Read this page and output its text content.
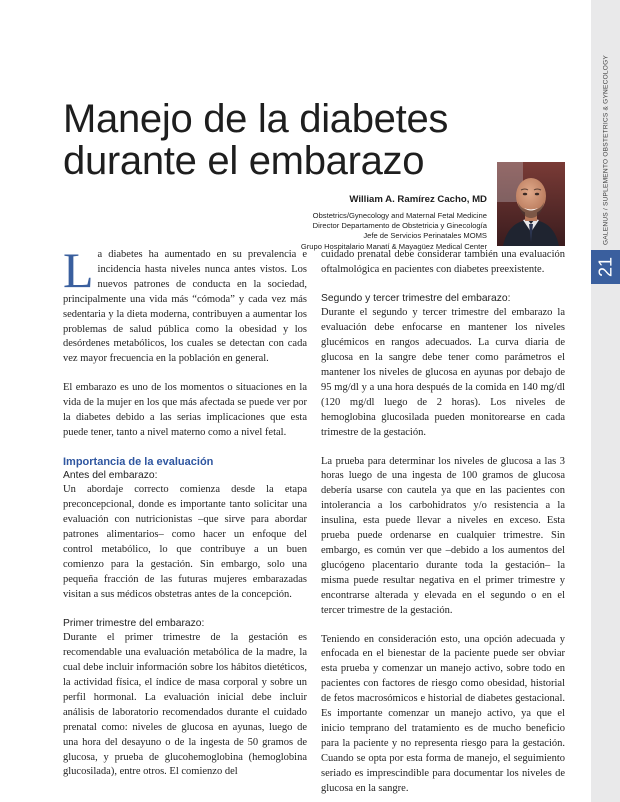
GALENUS / SUPLEMENTO OBSTETRICS & GYNECOLOGY
21
Manejo de la diabetes
durante el embarazo

William A. Ramírez Cacho, MD

Obstetrics/Gynecology and Maternal Fetal Medicine

Director Departamento de Obstetricia y Ginecología

Jefe de Servicios Perinatales MOMS

Grupo Hospitalario Manatí & Mayagüez Medical Center

La diabetes ha aumentado en su prevalencia e incidencia hasta niveles nunca antes vistos. Los nuevos patrones de conducta en la sociedad, principalmente una vida más “cómoda” y cada vez más sedentaria y la dieta moderna, contribuyen a aumentar los problemas de salud pública como la obesidad y los desórdenes metabólicos, los cuales se detectan con cada vez mayor frecuencia en la población en general.

El embarazo es uno de los momentos o situaciones en la vida de la mujer en los que más afectada se puede ver por la diabetes debido a las serias implicaciones que esta puede tener, tanto a nivel materno como a nivel fetal.

Importancia de la evaluación
Antes del embarazo:

Un abordaje correcto comienza desde la etapa preconcepcional, donde es importante tanto solicitar una evaluación con nutricionistas –que sirve para abordar patrones alimentarios– como hacer un enfoque del control metabólico, lo que contribuye a un buen comienzo para la gestación. Sin embargo, solo una pequeña fracción de las futuras mujeres embarazadas visitan a sus médicos obstetras antes de la concepción.

Primer trimestre del embarazo:

Durante el primer trimestre de la gestación es recomendable una evaluación metabólica de la madre, la cual debe incluir información sobre los hábitos dietéticos, la actividad física, el índice de masa corporal y sobre un perfil hormonal. La evaluación inicial debe incluir análisis de laboratorio recomendados durante el cuidado prenatal como: niveles de glucosa en ayunas, luego de una hora del desayuno o de la ingesta de 50 gramos de glucosa, y prueba de glucohemoglobina (hemoglobina glucosilada), entre otros. El comienzo del

cuidado prenatal debe considerar también una evaluación oftalmológica en pacientes con diabetes preexistente.

Segundo y tercer trimestre del embarazo:

Durante el segundo y tercer trimestre del embarazo la evaluación debe enfocarse en mantener los niveles glucémicos en rangos adecuados. La curva diaria de glucosa en la sangre debe tener como parámetros el mantener los niveles de glucosa en ayunas por debajo de 95 mg/dl y a una hora después de la comida en 140 mg/dl (120 mg/dl luego de 2 horas). Los niveles de hemoglobina glucosilada pueden monitorearse en cada trimestre de la gestación.

La prueba para determinar los niveles de glucosa a las 3 horas luego de una ingesta de 100 gramos de glucosa debería usarse con cautela ya que en las pacientes con intolerancia a los carbohidratos y/o resistencia a la insulina, esta puede llevar a niveles en exceso. Esta prueba puede ordenarse en cualquier trimestre. Sin embargo, es común ver que –debido a los aumentos del glucógeno placentario durante toda la gestación– la misma puede resultar negativa en el primer trimestre y encontrarse alterada y elevada en el segundo o en el tercer trimestre de la gestación.

Teniendo en consideración esto, una opción adecuada y enfocada en el bienestar de la paciente puede ser obviar esta prueba y comenzar un manejo activo, sobre todo en pacientes con factores de riesgo como obesidad, historial de fetos macrosómicos e historial de diabetes gestacional. Es importante comenzar un manejo activo, ya que el inicio temprano del tratamiento es de mucho beneficio para la paciente y no representa riesgo para la gestación. Cuando se opta por esta forma de manejo, el seguimiento seriado es imprescindible para documentar los niveles de glucosa en la sangre.
